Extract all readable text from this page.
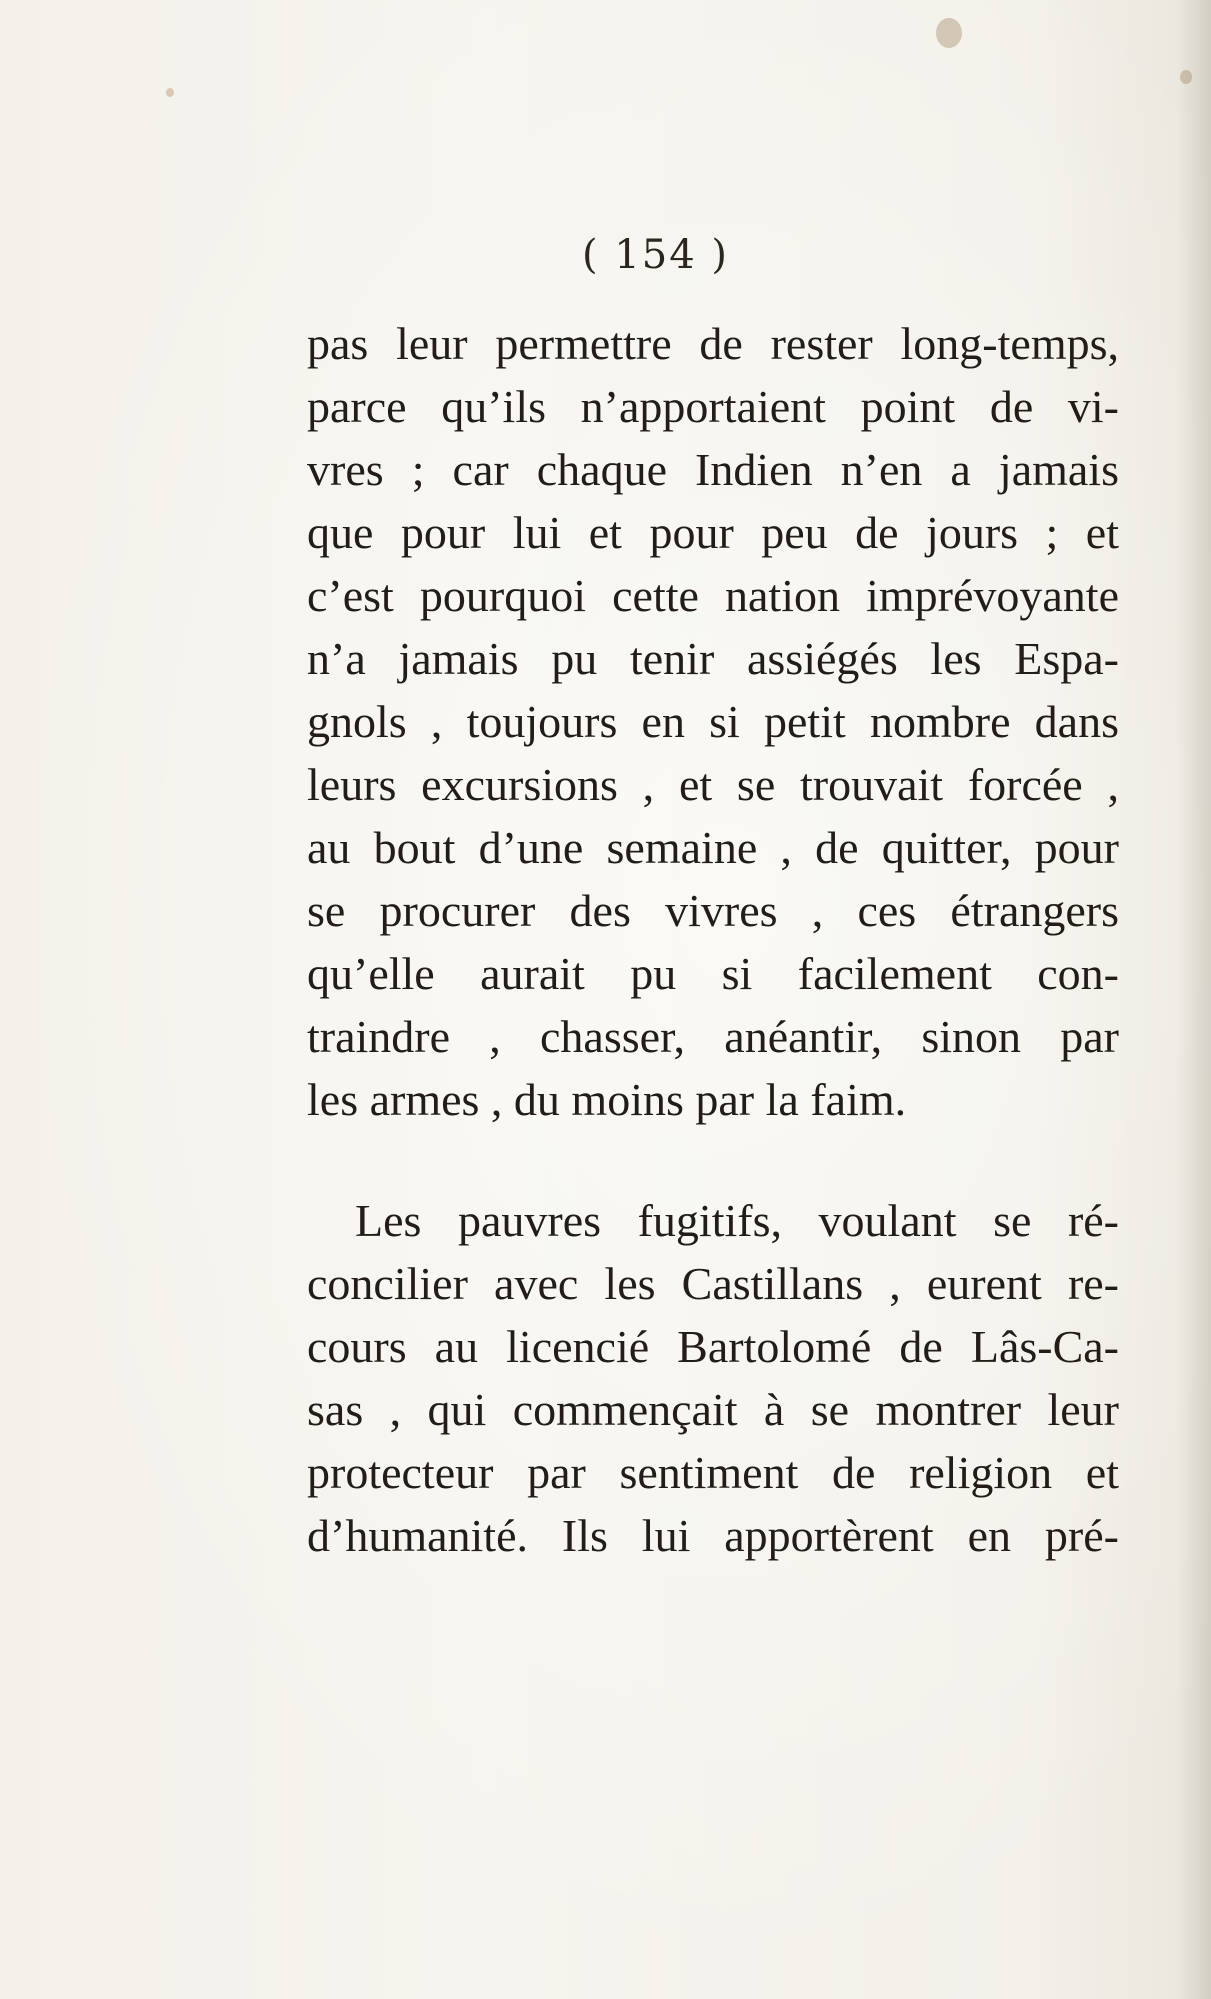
( 154 )
pas leur permettre de rester long-temps,
parce qu’ils n’apportaient point de vi-
vres ; car chaque Indien n’en a jamais
que pour lui et pour peu de jours ; et
c’est pourquoi cette nation imprévoyante
n’a jamais pu tenir assiégés les Espa-
gnols , toujours en si petit nombre dans
leurs excursions , et se trouvait forcée ,
au bout d’une semaine , de quitter, pour
se procurer des vivres , ces étrangers
qu’elle aurait pu si facilement con-
traindre , chasser, anéantir, sinon par
les armes , du moins par la faim.
Les pauvres fugitifs, voulant se ré-
concilier avec les Castillans , eurent re-
cours au licencié Bartolomé de Lâs-Ca-
sas , qui commençait à se montrer leur
protecteur par sentiment de religion et
d’humanité. Ils lui apportèrent en pré-
